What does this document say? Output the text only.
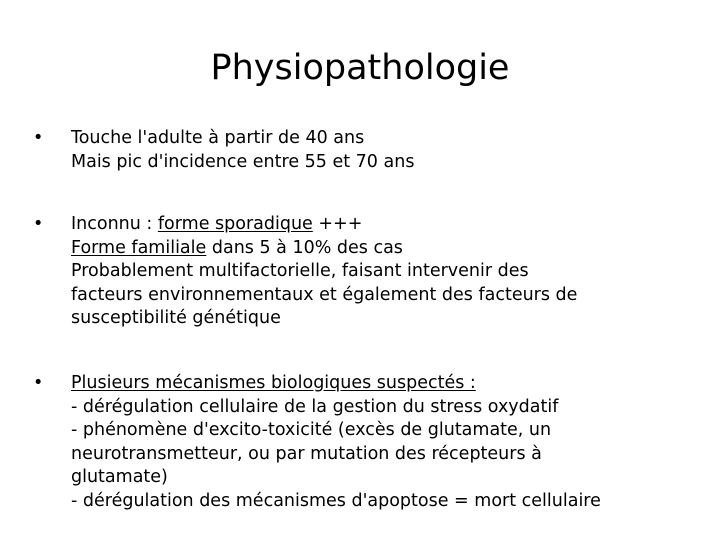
Physiopathologie
•	Touche l'adulte à partir de 40 ans
Mais pic d'incidence entre 55 et 70 ans
•	Inconnu : forme sporadique +++
Forme familiale dans 5 à 10% des cas
Probablement multifactorielle, faisant intervenir des
facteurs environnementaux et également des facteurs de
susceptibilité génétique
•	Plusieurs mécanismes biologiques suspectés :
- dérégulation cellulaire de la gestion du stress oxydatif
- phénomène d'excito-toxicité (excès de glutamate, un
neurotransmetteur, ou par mutation des récepteurs à
glutamate)
- dérégulation des mécanismes d'apoptose = mort cellulaire
